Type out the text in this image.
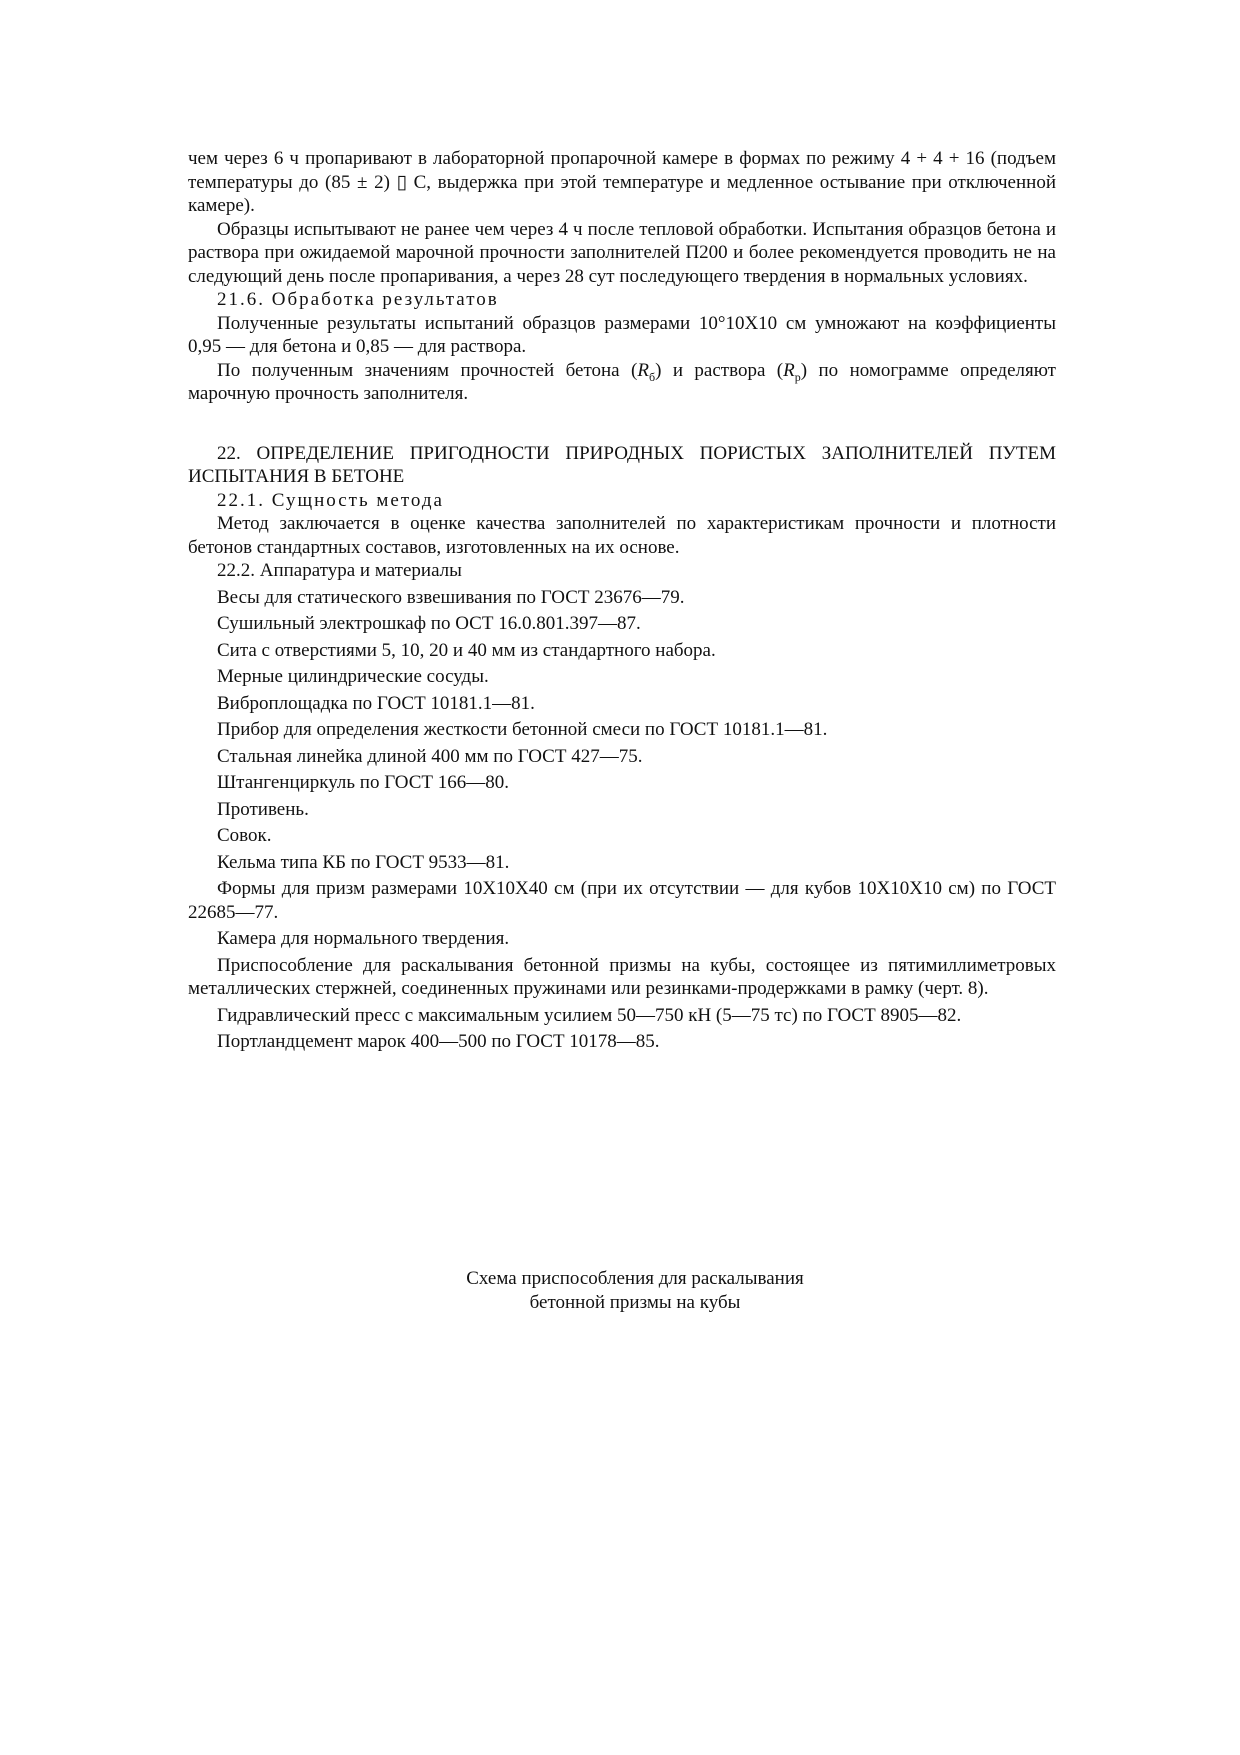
чем через 6 ч пропаривают в лабораторной пропарочной камере в формах по режиму 4 + 4 + 16 (подъем температуры до (85 ± 2) ▯ С, выдержка при этой температуре и медленное остывание при отключенной камере).

Образцы испытывают не ранее чем через 4 ч после тепловой обработки. Испытания образцов бетона и раствора при ожидаемой марочной прочности заполнителей П200 и более рекомендуется проводить не на следующий день после пропаривания, а через 28 сут последующего твердения в нормальных условиях.

21.6. Обработка результатов

Полученные результаты испытаний образцов размерами 10°10Х10 см умножают на коэффициенты 0,95 — для бетона и 0,85 — для раствора.

По полученным значениям прочностей бетона $(R_б)$ и раствора $(R_р)$ по номограмме определяют марочную прочность заполнителя.

22. ОПРЕДЕЛЕНИЕ ПРИГОДНОСТИ ПРИРОДНЫХ ПОРИСТЫХ ЗАПОЛНИТЕЛЕЙ ПУТЕМ ИСПЫТАНИЯ В БЕТОНЕ

22.1. Сущность метода

Метод заключается в оценке качества заполнителей по характеристикам прочности и плотности бетонов стандартных составов, изготовленных на их основе.

22.2. Аппаратура и материалы

Весы для статического взвешивания по ГОСТ 23676—79.

Сушильный электрошкаф по ОСТ 16.0.801.397—87.

Сита с отверстиями 5, 10, 20 и 40 мм из стандартного набора.

Мерные цилиндрические сосуды.

Виброплощадка по ГОСТ 10181.1—81.

Прибор для определения жесткости бетонной смеси по ГОСТ 10181.1—81.

Стальная линейка длиной 400 мм по ГОСТ 427—75.

Штангенциркуль по ГОСТ 166—80.

Противень.

Совок.

Кельма типа КБ по ГОСТ 9533—81.

Формы для призм размерами 10Х10Х40 см (при их отсутствии — для кубов 10Х10Х10 см) по ГОСТ 22685—77.

Камера для нормального твердения.

Приспособление для раскалывания бетонной призмы на кубы, состоящее из пятимиллиметровых металлических стержней, соединенных пружинами или резинками-продержками в рамку (черт. 8).

Гидравлический пресс с максимальным усилием 50—750 кН (5—75 тс) по ГОСТ 8905—82.

Портландцемент марок 400—500 по ГОСТ 10178—85.

Схема приспособления для раскалывания
бетонной призмы на кубы
